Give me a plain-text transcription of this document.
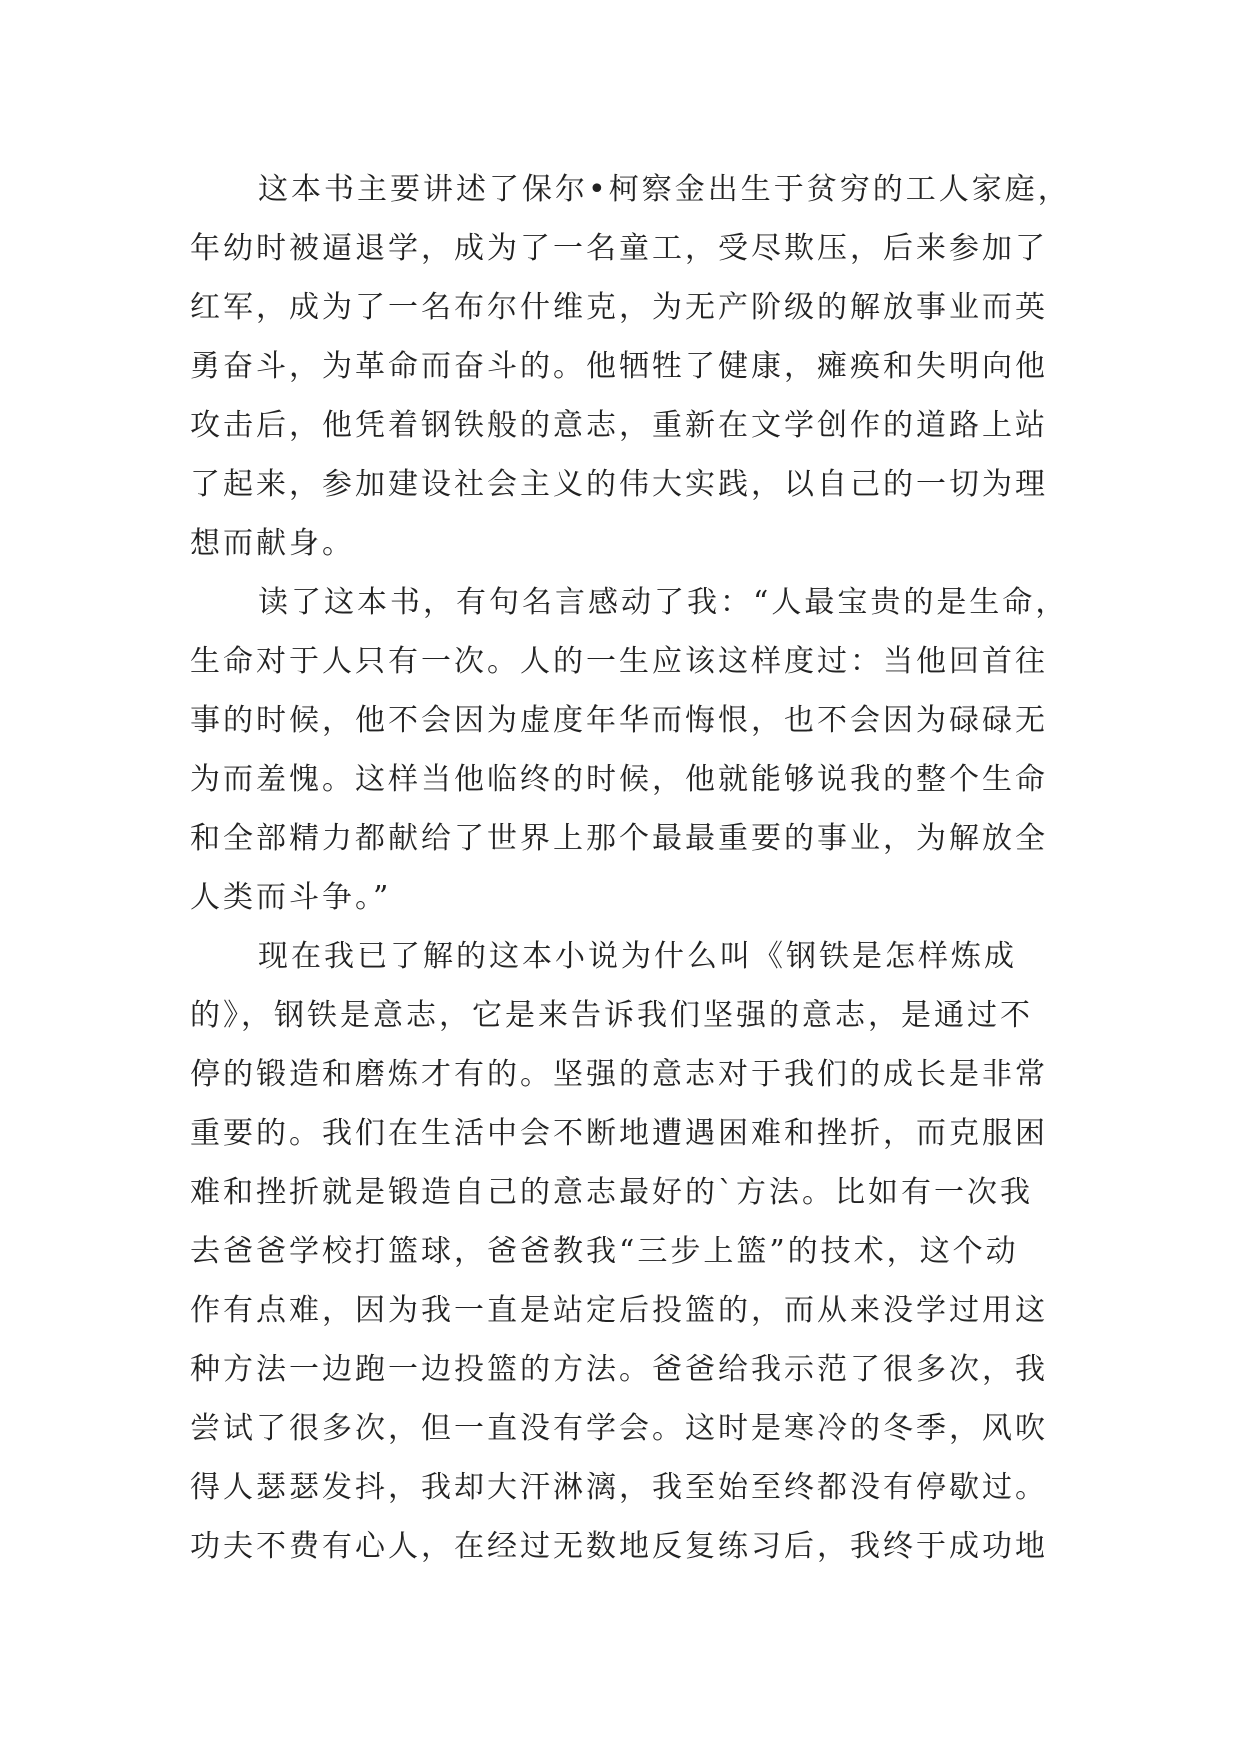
这本书主要讲述了保尔•柯察金出生于贫穷的工人家庭，
年幼时被逼退学，成为了一名童工，受尽欺压，后来参加了
红军，成为了一名布尔什维克，为无产阶级的解放事业而英
勇奋斗，为革命而奋斗的。他牺牲了健康，瘫痪和失明向他
攻击后，他凭着钢铁般的意志，重新在文学创作的道路上站
了起来，参加建设社会主义的伟大实践，以自己的一切为理
想而献身。
读了这本书，有句名言感动了我：“人最宝贵的是生命，
生命对于人只有一次。人的一生应该这样度过：当他回首往
事的时候，他不会因为虚度年华而悔恨，也不会因为碌碌无
为而羞愧。这样当他临终的时候，他就能够说我的整个生命
和全部精力都献给了世界上那个最最重要的事业，为解放全
人类而斗争。”
现在我已了解的这本小说为什么叫《钢铁是怎样炼成
的》，钢铁是意志，它是来告诉我们坚强的意志，是通过不
停的锻造和磨炼才有的。坚强的意志对于我们的成长是非常
重要的。我们在生活中会不断地遭遇困难和挫折，而克服困
难和挫折就是锻造自己的意志最好的`方法。比如有一次我
去爸爸学校打篮球，爸爸教我“三步上篮”的技术，这个动
作有点难，因为我一直是站定后投篮的，而从来没学过用这
种方法一边跑一边投篮的方法。爸爸给我示范了很多次，我
尝试了很多次，但一直没有学会。这时是寒冷的冬季，风吹
得人瑟瑟发抖，我却大汗淋漓，我至始至终都没有停歇过。
功夫不费有心人，在经过无数地反复练习后，我终于成功地
